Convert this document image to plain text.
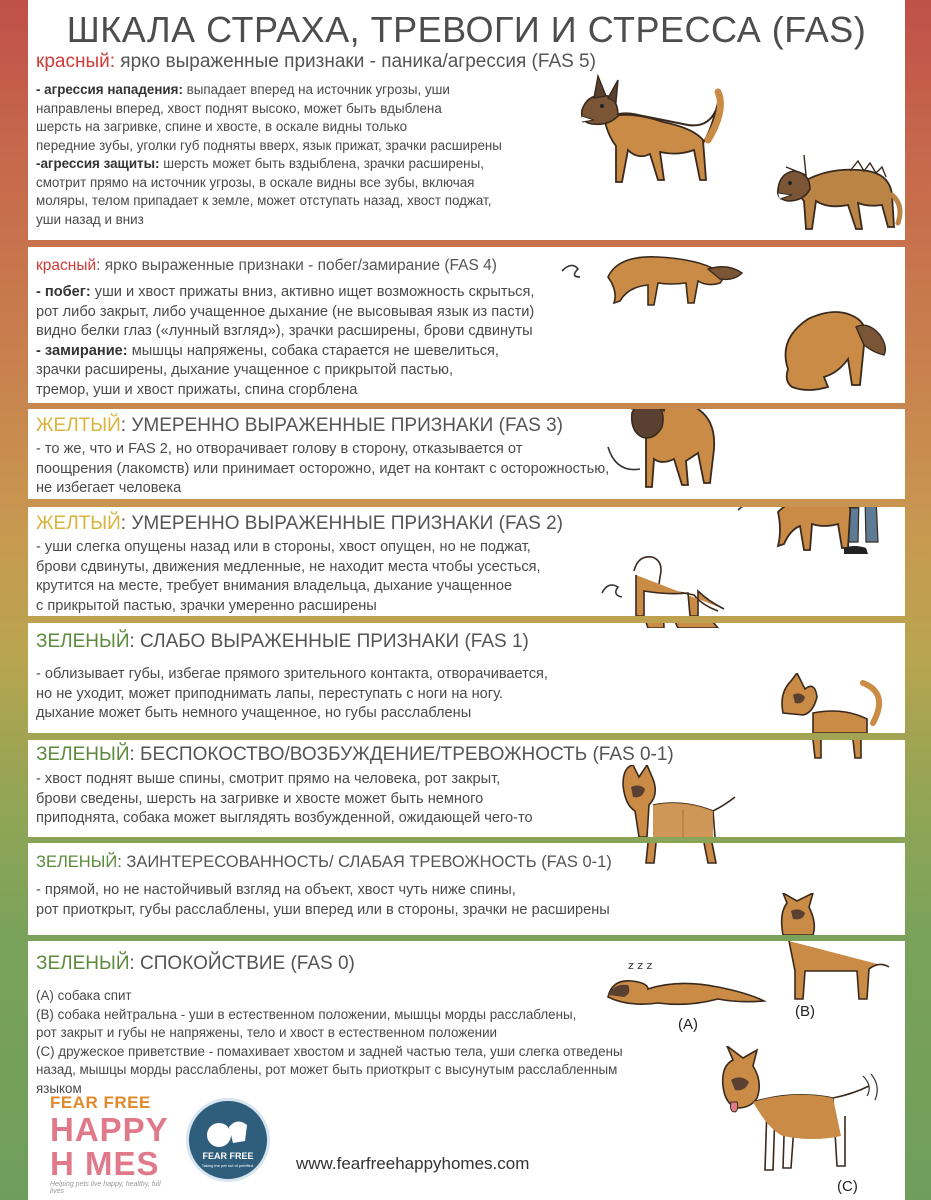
ШКАЛА СТРАХА, ТРЕВОГИ И СТРЕССА (FAS)
красный: ярко выраженные признаки - паника/агрессия (FAS 5)
- агрессия нападения: выпадает вперед на источник угрозы, уши
направлены вперед, хвост поднят высоко, может быть вдыблена
шерсть на загривке, спине и хвосте, в оскале видны только
передние зубы, уголки губ подняты вверх, язык прижат, зрачки расширены
-агрессия защиты: шерсть может быть вздыблена, зрачки расширены,
смотрит прямо на источник угрозы, в оскале видны все зубы, включая
моляры, телом припадает к земле, может отступать назад, хвост поджат,
уши назад и вниз
красный: ярко выраженные признаки - побег/замирание (FAS 4)
- побег: уши и хвост прижаты вниз, активно ищет возможность скрыться,
рот либо закрыт, либо учащенное дыхание (не высовывая язык из пасти)
видно белки глаз («лунный взгляд»), зрачки расширены, брови сдвинуты
- замирание: мышцы напряжены, собака старается не шевелиться,
зрачки расширены, дыхание учащенное с прикрытой пастью,
тремор, уши и хвост прижаты, спина сгорблена
ЖЕЛТЫЙ: УМЕРЕННО ВЫРАЖЕННЫЕ ПРИЗНАКИ (FAS 3)
- то же, что и FAS 2, но отворачивает голову в сторону, отказывается от
поощрения (лакомств) или принимает осторожно, идет на контакт с осторожностью,
не избегает человека
ЖЕЛТЫЙ: УМЕРЕННО ВЫРАЖЕННЫЕ ПРИЗНАКИ (FAS 2)
- уши слегка опущены назад или в стороны, хвост опущен, но не поджат,
брови сдвинуты, движения медленные, не находит места чтобы усесться,
крутится на месте, требует внимания владельца, дыхание учащенное
с прикрытой пастью, зрачки умеренно расширены
ЗЕЛЕНЫЙ: СЛАБО ВЫРАЖЕННЫЕ ПРИЗНАКИ (FAS 1)
- облизывает губы, избегае прямого зрительного контакта, отворачивается,
но не уходит, может приподнимать лапы, переступать с ноги на ногу.
дыхание может быть немного учащенное, но губы расслаблены
ЗЕЛЕНЫЙ: БЕСПОКОСТВО/ВОЗБУЖДЕНИЕ/ТРЕВОЖНОСТЬ (FAS 0-1)
- хвост поднят выше спины, смотрит прямо на человека, рот закрыт,
брови сведены, шерсть на загривке и хвосте может быть немного
приподнята, собака может выглядять возбужденной, ожидающей чего-то
ЗЕЛЕНЫЙ: ЗАИНТЕРЕСОВАННОСТЬ/ СЛАБАЯ ТРЕВОЖНОСТЬ (FAS 0-1)
- прямой, но не настойчивый взгляд на объект, хвост чуть ниже спины,
рот приоткрыт, губы расслаблены, уши вперед или в стороны, зрачки не расширены
ЗЕЛЕНЫЙ: СПОКОЙСТВИЕ (FAS 0)
(А) собака спит
(В) собака нейтральна - уши в естественном положении, мышцы морды расслаблены,
рот закрыт и губы не напряжены, тело и хвост в естественном положении
(С) дружеское приветствие - помахивает хвостом и задней частью тела, уши слегка отведены
назад, мышцы морды расслаблены, рот может быть приоткрыт с высунутым расслабленным
языком
(B)
z z z
(А)
(C)
FEAR FREE
HAPPY
H MES
Helping pets live happy, healthy, full lives
FEAR FREE
Taking the pet out of petrified.	www.fearfreehappyhomes.com
